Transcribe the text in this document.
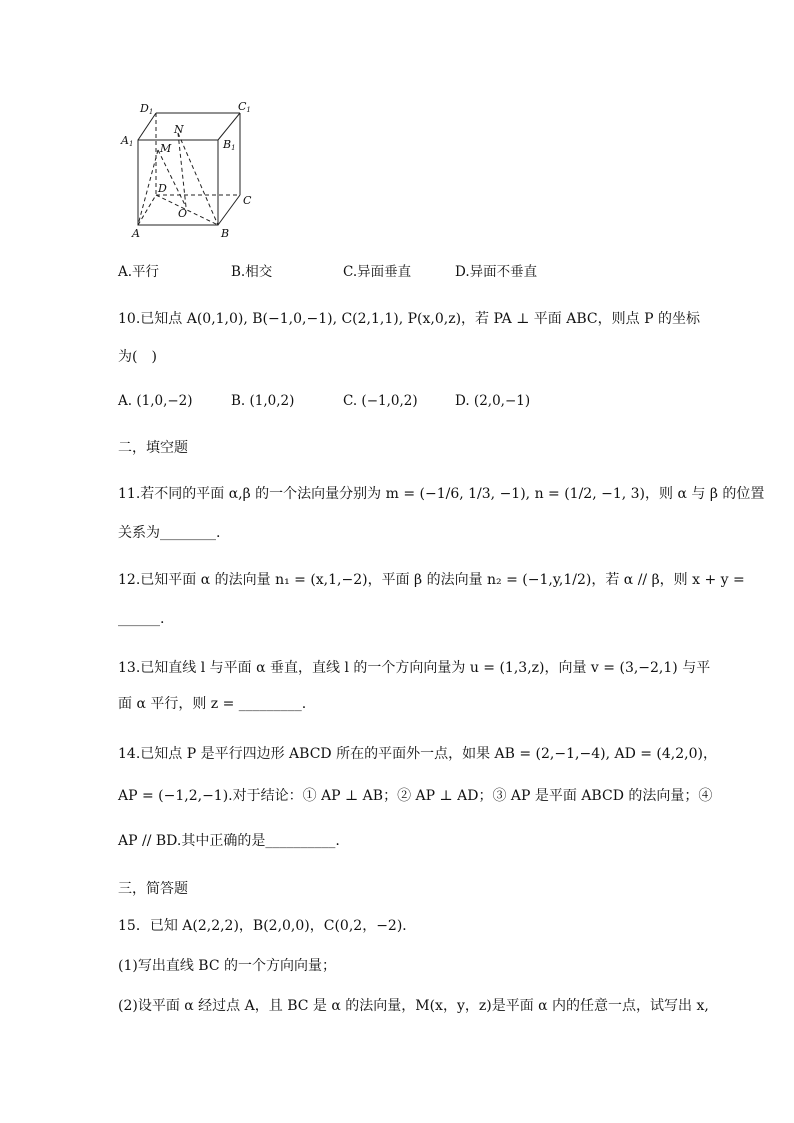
D1	C1
A1	B1
M
N
D
O
C
A	B
A.平行	B.相交	C.异面垂直	D.异面不垂直
10.已知点 A(0,1,0), B(−1,0,−1), C(2,1,1), P(x,0,z)，若 PA ⊥ 平面 ABC，则点 P 的坐标
为(　)
A. (1,0,−2)	B. (1,0,2)	C. (−1,0,2)	D. (2,0,−1)
二，填空题
11.若不同的平面 α,β 的一个法向量分别为 m = (−1/6, 1/3, −1), n = (1/2, −1, 3)，则 α 与 β 的位置
关系为________.
12.已知平面 α 的法向量 n₁ = (x,1,−2)，平面 β 的法向量 n₂ = (−1,y,1/2)，若 α // β，则 x + y =
______.
13.已知直线 l 与平面 α 垂直，直线 l 的一个方向向量为 u = (1,3,z)，向量 v = (3,−2,1) 与平
面 α 平行，则 z = _________.
14.已知点 P 是平行四边形 ABCD 所在的平面外一点，如果 AB = (2,−1,−4), AD = (4,2,0)，
AP = (−1,2,−1).对于结论：① AP ⊥ AB；② AP ⊥ AD；③ AP 是平面 ABCD 的法向量；④
AP // BD.其中正确的是__________.
三，简答题
15．已知 A(2,2,2)，B(2,0,0)，C(0,2，−2)．
(1)写出直线 BC 的一个方向向量；
(2)设平面 α 经过点 A，且 BC 是 α 的法向量，M(x，y，z)是平面 α 内的任意一点，试写出 x,
